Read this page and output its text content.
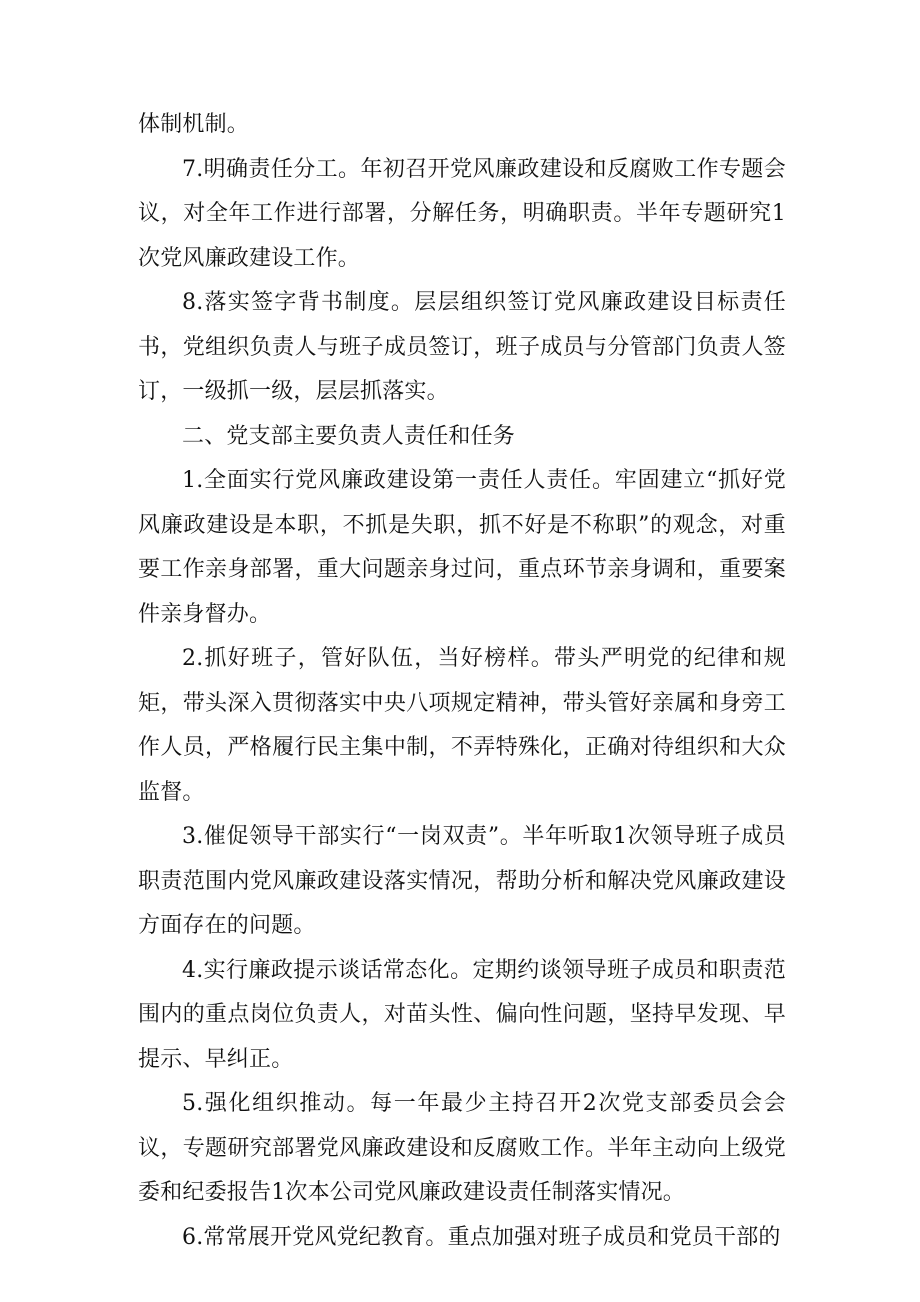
体制机制。

7.明确责任分工。年初召开党风廉政建设和反腐败工作专题会议，对全年工作进行部署，分解任务，明确职责。半年专题研究1次党风廉政建设工作。

8.落实签字背书制度。层层组织签订党风廉政建设目标责任书，党组织负责人与班子成员签订，班子成员与分管部门负责人签订，一级抓一级，层层抓落实。

二、党支部主要负责人责任和任务

1.全面实行党风廉政建设第一责任人责任。牢固建立“抓好党风廉政建设是本职，不抓是失职，抓不好是不称职”的观念，对重要工作亲身部署，重大问题亲身过问，重点环节亲身调和，重要案件亲身督办。

2.抓好班子，管好队伍，当好榜样。带头严明党的纪律和规矩，带头深入贯彻落实中央八项规定精神，带头管好亲属和身旁工作人员，严格履行民主集中制，不弄特殊化，正确对待组织和大众监督。

3.催促领导干部实行“一岗双责”。半年听取1次领导班子成员职责范围内党风廉政建设落实情况，帮助分析和解决党风廉政建设方面存在的问题。

4.实行廉政提示谈话常态化。定期约谈领导班子成员和职责范围内的重点岗位负责人，对苗头性、偏向性问题，坚持早发现、早提示、早纠正。

5.强化组织推动。每一年最少主持召开2次党支部委员会会议，专题研究部署党风廉政建设和反腐败工作。半年主动向上级党委和纪委报告1次本公司党风廉政建设责任制落实情况。

6.常常展开党风党纪教育。重点加强对班子成员和党员干部的
